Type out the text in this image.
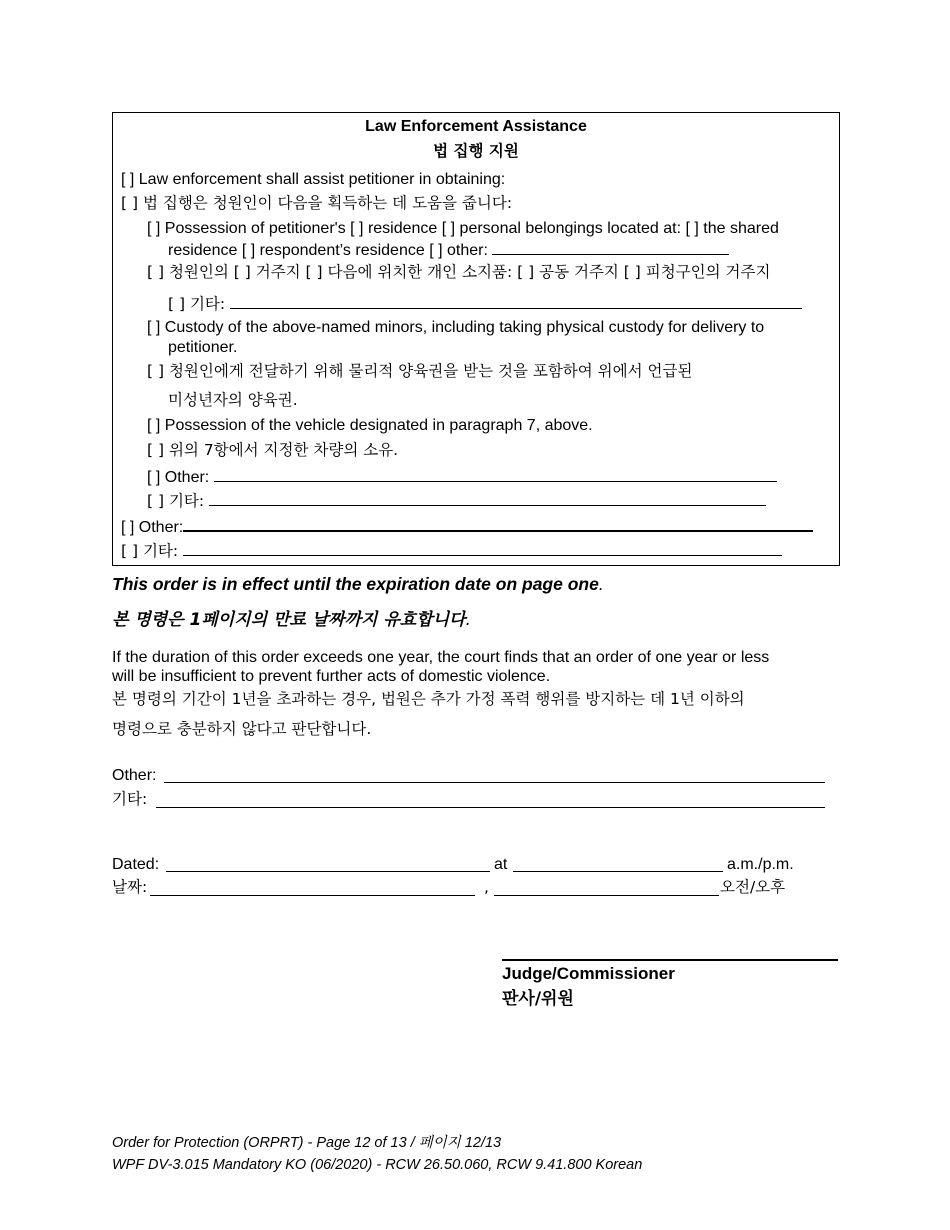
Law Enforcement Assistance
법 집행 지원
[ ] Law enforcement shall assist petitioner in obtaining:
[ ] 법 집행은 청원인이 다음을 획득하는 데 도움을 줍니다:
[ ] Possession of petitioner's [ ] residence [ ] personal belongings located at: [ ] the shared
residence [ ] respondent’s residence [ ] other:
[ ] 청원인의 [ ] 거주지 [ ] 다음에 위치한 개인 소지품: [ ] 공동 거주지 [ ] 피청구인의 거주지
[ ] 기타:
[ ] Custody of the above-named minors, including taking physical custody for delivery to
petitioner.
[ ] 청원인에게 전달하기 위해 물리적 양육권을 받는 것을 포함하여 위에서 언급된
미성년자의 양육권.
[ ] Possession of the vehicle designated in paragraph 7, above.
[ ] 위의 7항에서 지정한 차량의 소유.
[ ] Other:
[ ] 기타:
[ ] Other:
[ ] 기타:
This order is in effect until the expiration date on page one.
본 명령은 1페이지의 만료 날짜까지 유효합니다.
If the duration of this order exceeds one year, the court finds that an order of one year or less
will be insufficient to prevent further acts of domestic violence.
본 명령의 기간이 1년을 초과하는 경우, 법원은 추가 가정 폭력 행위를 방지하는 데 1년 이하의
명령으로 충분하지 않다고 판단합니다.
Other:
기타:
Dated:	at	a.m./p.m.
날짜:	,	오전/오후
Judge/Commissioner
판사/위원
Order for Protection (ORPRT) - Page 12 of 13 / 페이지 12/13
WPF DV-3.015 Mandatory KO (06/2020) - RCW 26.50.060, RCW 9.41.800 Korean
